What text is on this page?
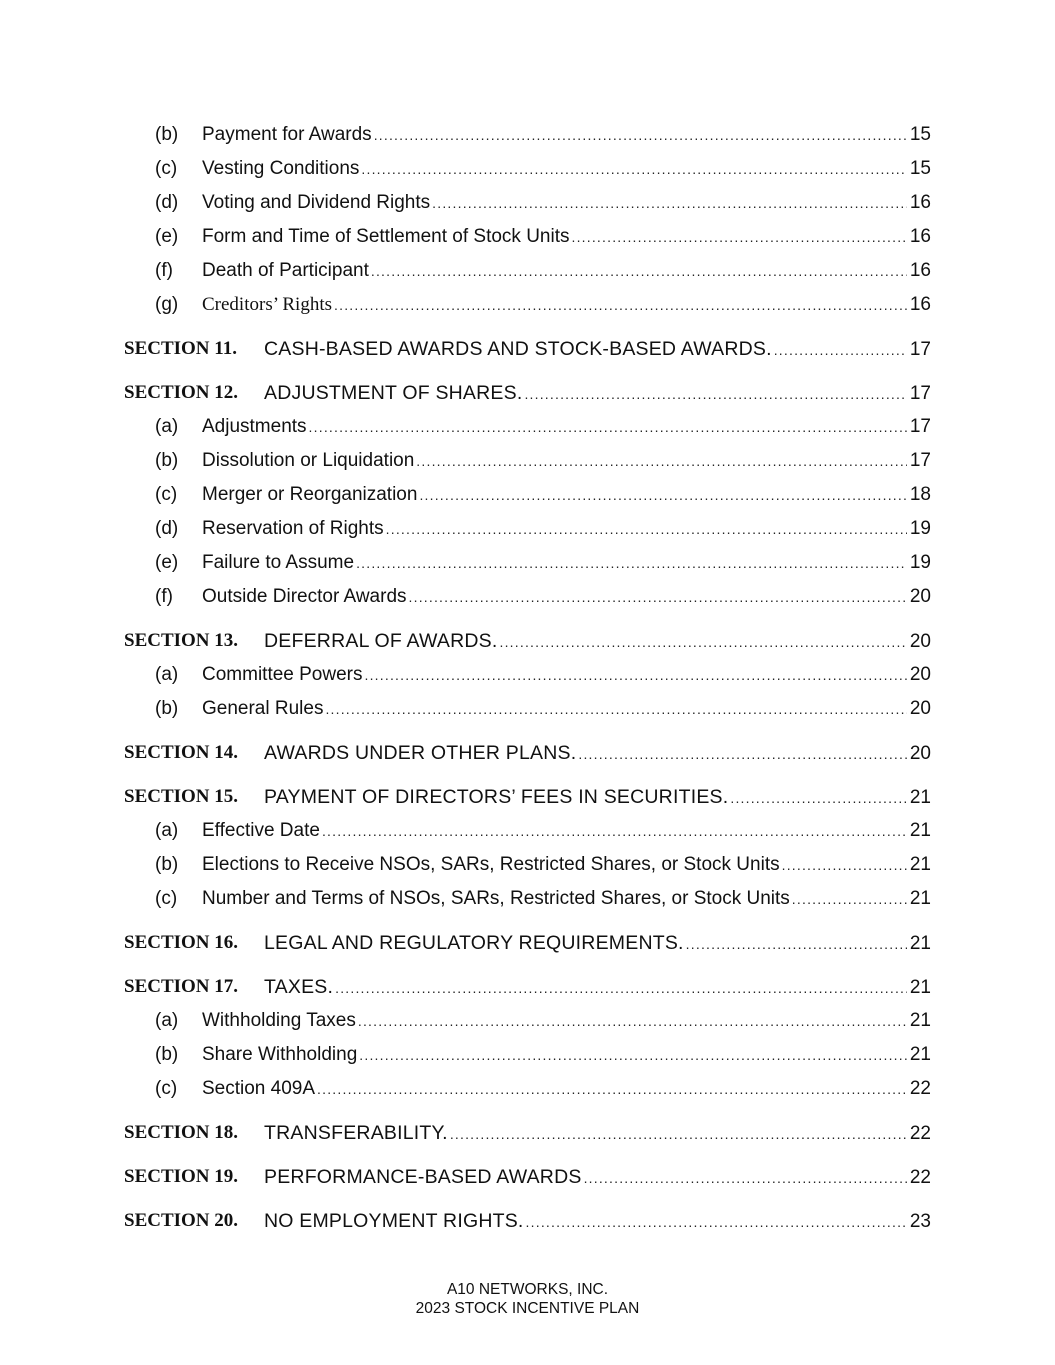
(b) Payment for Awards .....	15
(c) Vesting Conditions .....	15
(d) Voting and Dividend Rights .....	16
(e) Form and Time of Settlement of Stock Units .....	16
(f) Death of Participant .....	16
(g) Creditors’ Rights .....	16
SECTION 11. CASH-BASED AWARDS AND STOCK-BASED AWARDS. .....	17
SECTION 12. ADJUSTMENT OF SHARES. .....	17
(a) Adjustments .....	17
(b) Dissolution or Liquidation .....	17
(c) Merger or Reorganization .....	18
(d) Reservation of Rights .....	19
(e) Failure to Assume .....	19
(f) Outside Director Awards .....	20
SECTION 13. DEFERRAL OF AWARDS. .....	20
(a) Committee Powers .....	20
(b) General Rules .....	20
SECTION 14. AWARDS UNDER OTHER PLANS. .....	20
SECTION 15. PAYMENT OF DIRECTORS’ FEES IN SECURITIES. .....	21
(a) Effective Date .....	21
(b) Elections to Receive NSOs, SARs, Restricted Shares, or Stock Units .....	21
(c) Number and Terms of NSOs, SARs, Restricted Shares, or Stock Units .....	21
SECTION 16. LEGAL AND REGULATORY REQUIREMENTS. .....	21
SECTION 17. TAXES. .....	21
(a) Withholding Taxes .....	21
(b) Share Withholding .....	21
(c) Section 409A .....	22
SECTION 18. TRANSFERABILITY. .....	22
SECTION 19. PERFORMANCE-BASED AWARDS .....	22
SECTION 20. NO EMPLOYMENT RIGHTS. .....	23
A10 NETWORKS, INC.
2023 STOCK INCENTIVE PLAN
